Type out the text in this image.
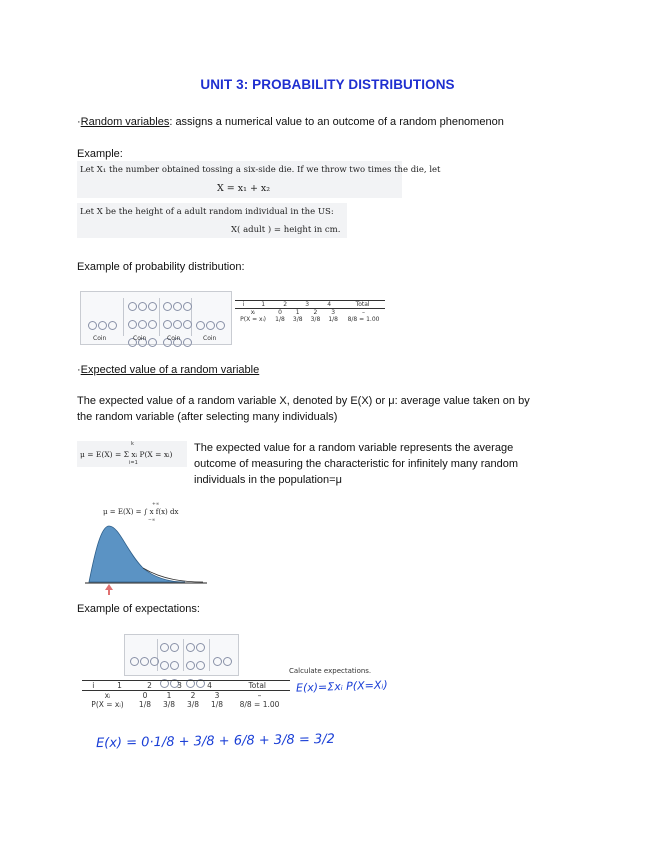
UNIT 3: PROBABILITY DISTRIBUTIONS
·Random variables: assigns a numerical value to an outcome of a random phenomenon
Example:
Let X₁ the number obtained tossing a six-side die. If we throw two times the die, let
X = x₁ + x₂
Let X be the height of a adult random individual in the US:
X( adult ) = height in cm.
Example of probability distribution:
Coin	Coin	Coin	Coin
i	1	2	3	4	Total
xᵢ	0	1	2	3	–
P(X = xᵢ)	1/8	3/8	3/8	1/8	8/8 = 1.00
·Expected value of a random variable
The expected value of a random variable X, denoted by E(X) or μ: average value taken on by
the random variable (after selecting many individuals)
μ = E(X) = Σ xᵢ P(X = xᵢ)
k
i=1
The expected value for a random variable represents the average
outcome of measuring the characteristic for infinitely many random
individuals in the population=μ
μ = E(X) = ∫ x f(x) dx
+∞
−∞
Example of expectations:
Calculate expectations.
i	1	2	3	4	Total
xᵢ	0	1	2	3	–
P(X = xᵢ)	1/8	3/8	3/8	1/8	8/8 = 1.00
E(x)=Σxᵢ P(X=Xᵢ)
E(x) = 0·1/8 + 3/8 + 6/8 + 3/8 = 3/2
